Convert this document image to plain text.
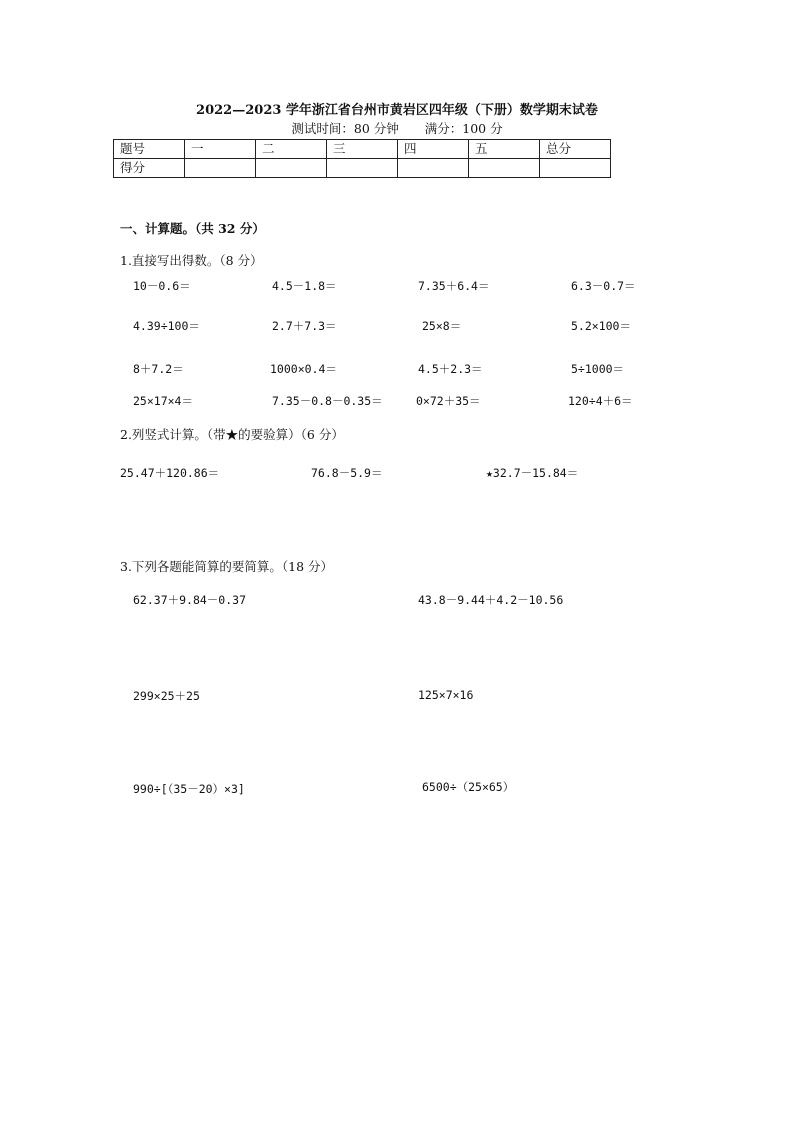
2022—2023 学年浙江省台州市黄岩区四年级（下册）数学期末试卷
测试时间：80 分钟 满分：100 分
题号	一	二	三	四	五	总分
得分						
一、计算题。（共 32 分）
1.直接写出得数。（8 分）
10－0.6＝	4.5－1.8＝	7.35＋6.4＝	6.3－0.7＝
4.39÷100＝	2.7＋7.3＝	25×8＝	5.2×100＝
8＋7.2＝	1000×0.4＝	4.5＋2.3＝	5÷1000＝
25×17×4＝	7.35－0.8－0.35＝	0×72＋35＝	120÷4＋6＝
2.列竖式计算。（带★的要验算）（6 分）
25.47＋120.86＝	76.8－5.9＝	★32.7－15.84＝
3.下列各题能简算的要简算。（18 分）
62.37＋9.84－0.37	43.8－9.44＋4.2－10.56
299×25＋25	125×7×16
990÷[（35－20）×3]	6500÷（25×65）
